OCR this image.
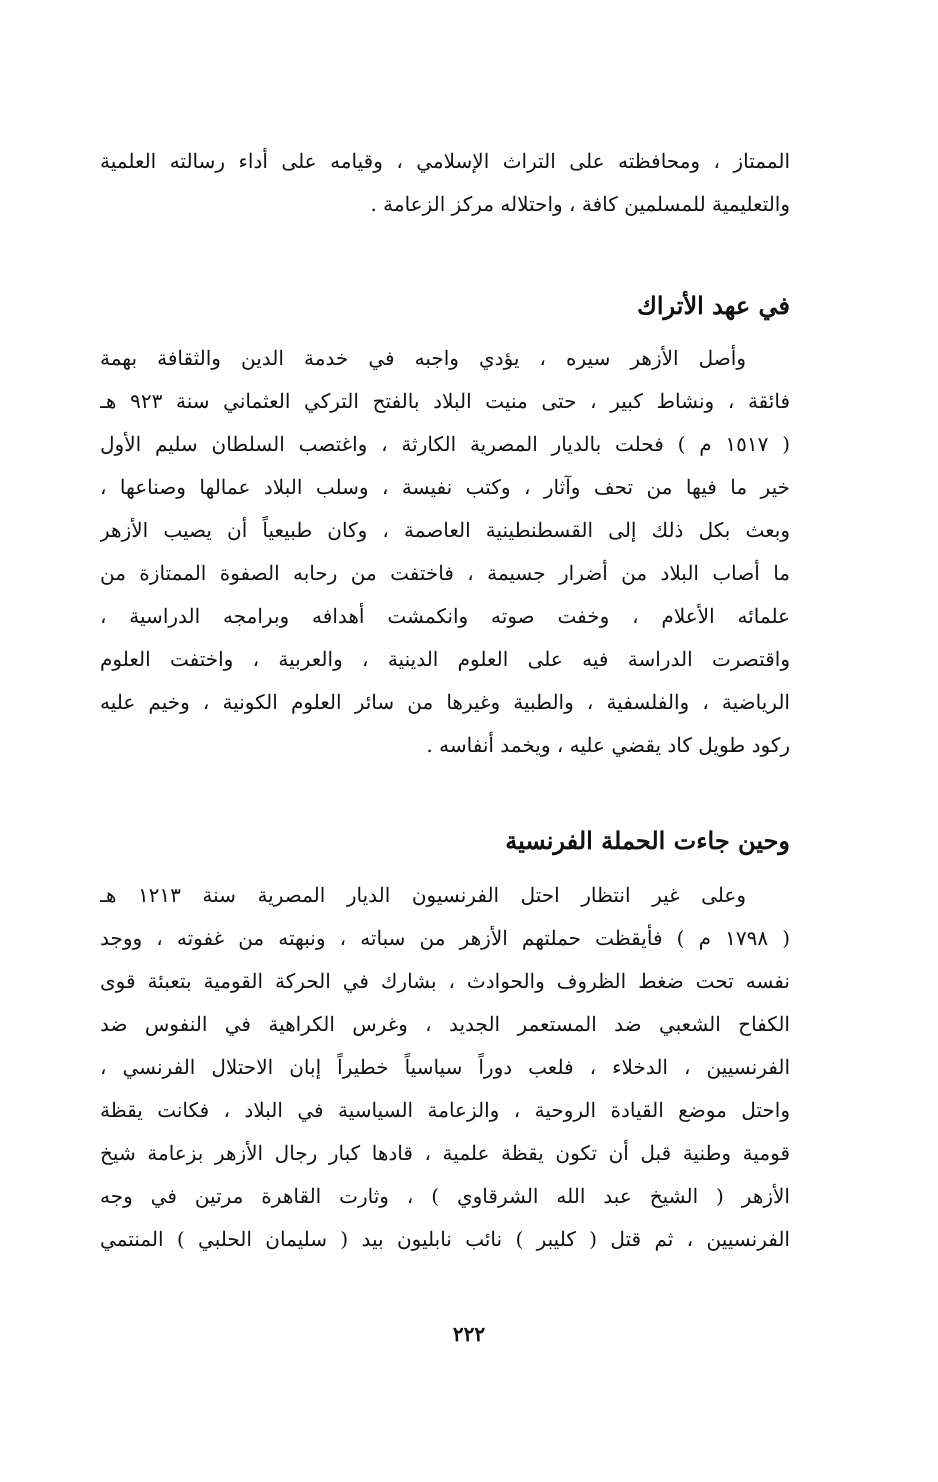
الممتاز ، ومحافظته على التراث الإسلامي ، وقيامه على أداء رسالته العلمية
والتعليمية للمسلمين كافة ، واحتلاله مركز الزعامة .
في عهد الأتراك
وأصل الأزهر سيره ، يؤدي واجبه في خدمة الدين والثقافة بهمة
فائقة ، ونشاط كبير ، حتى منيت البلاد بالفتح التركي العثماني سنة ٩٢٣ هـ
( ١٥١٧ م ) فحلت بالديار المصرية الكارثة ، واغتصب السلطان سليم الأول
خير ما فيها من تحف وآثار ، وكتب نفيسة ، وسلب البلاد عمالها وصناعها ،
وبعث بكل ذلك إلى القسطنطينية العاصمة ، وكان طبيعياً أن يصيب الأزهر
ما أصاب البلاد من أضرار جسيمة ، فاختفت من رحابه الصفوة الممتازة من
علمائه الأعلام ، وخفت صوته وانكمشت أهدافه وبرامجه الدراسية ،
واقتصرت الدراسة فيه على العلوم الدينية ، والعربية ، واختفت العلوم
الرياضية ، والفلسفية ، والطبية وغيرها من سائر العلوم الكونية ، وخيم عليه
ركود طويل كاد يقضي عليه ، ويخمد أنفاسه .
وحين جاءت الحملة الفرنسية
وعلى غير انتظار احتل الفرنسيون الديار المصرية سنة ١٢١٣ هـ
( ١٧٩٨ م ) فأيقظت حملتهم الأزهر من سباته ، ونبهته من غفوته ، ووجد
نفسه تحت ضغط الظروف والحوادث ، بشارك في الحركة القومية بتعبئة قوى
الكفاح الشعبي ضد المستعمر الجديد ، وغرس الكراهية في النفوس ضد
الفرنسيين ، الدخلاء ، فلعب دوراً سياسياً خطيراً إبان الاحتلال الفرنسي ،
واحتل موضع القيادة الروحية ، والزعامة السياسية في البلاد ، فكانت يقظة
قومية وطنية قبل أن تكون يقظة علمية ، قادها كبار رجال الأزهر بزعامة شيخ
الأزهر ( الشيخ عبد الله الشرقاوي ) ، وثارت القاهرة مرتين في وجه
الفرنسيين ، ثم قتل ( كليبر ) نائب نابليون بيد ( سليمان الحلبي ) المنتمي
٢٢٢
